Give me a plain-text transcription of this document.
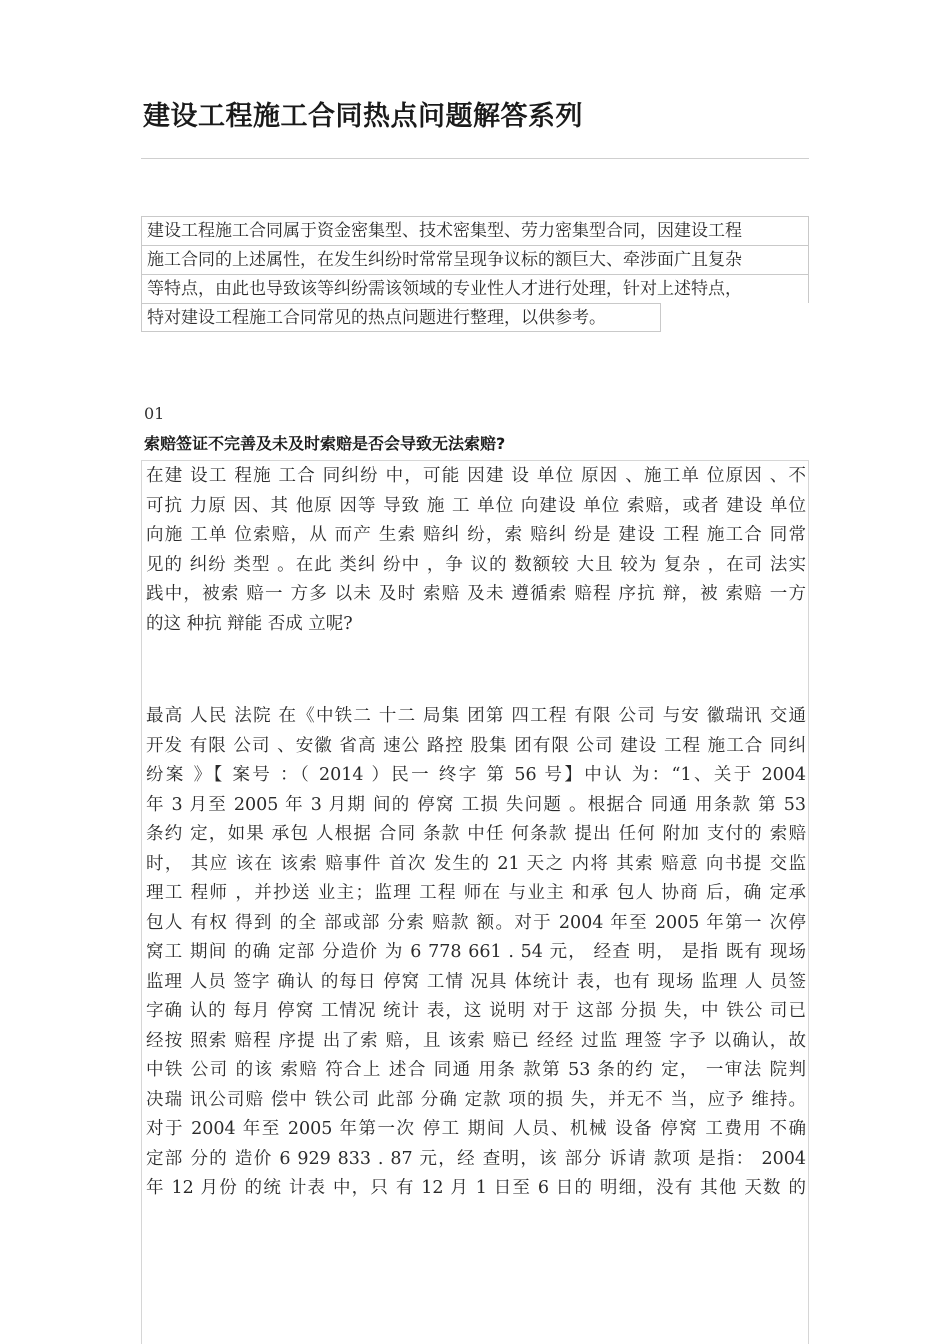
建设工程施工合同热点问题解答系列
建设工程施工合同属于资金密集型、技术密集型、劳力密集型合同，因建设工程
施工合同的上述属性，在发生纠纷时常常呈现争议标的额巨大、牵涉面广且复杂
等特点，由此也导致该等纠纷需该领域的专业性人才进行处理，针对上述特点，
特对建设工程施工合同常见的热点问题进行整理，以供参考。
01
索赔签证不完善及未及时索赔是否会导致无法索赔?
在建 设工 程施 工合 同纠纷 中，可能 因建 设 单位 原因 、施工单 位原因 、不
可抗 力原 因、其 他原 因等 导致 施 工 单位 向建设 单位 索赔，或者 建设 单位
向施 工单 位索赔，从 而产 生索 赔纠 纷，索 赔纠 纷是 建设 工程 施工合 同常
见的 纠纷 类型 。在此 类纠 纷中 ，争 议的 数额较 大且 较为 复杂 ，在司 法实
践中，被索 赔一 方多 以未 及时 索赔 及未 遵循索 赔程 序抗 辩，被 索赔 一方
的这 种抗 辩能 否成 立呢?
最高 人民 法院 在《中铁二 十二 局集 团第 四工程 有限 公司 与安 徽瑞讯 交通
开发 有限 公司 、安徽 省高 速公 路控 股集 团有限 公司 建设 工程 施工合 同纠
纷案 》【 案号 ：（ 2014 ）民一 终字 第 56 号】中认 为：“1、关于 2004
年 3 月至 2005 年 3 月期 间的 停窝 工损 失问题 。根据合 同通 用条款 第 53
条约 定，如果 承包 人根据 合同 条款 中任 何条款 提出 任何 附加 支付的 索赔
时， 其应 该在 该索 赔事件 首次 发生的 21 天之 内将 其索 赔意 向书提 交监
理工 程师 ，并抄送 业主；监理 工程 师在 与业主 和承 包人 协商 后，确 定承
包人 有权 得到 的全 部或部 分索 赔款 额。对于 2004 年至 2005 年第一 次停
窝工 期间 的确 定部 分造价 为 6 778 661 . 54 元， 经查 明， 是指 既有 现场
监理 人员 签字 确认 的每日 停窝 工情 况具 体统计 表，也有 现场 监理 人 员签
字确 认的 每月 停窝 工情况 统计 表，这 说明 对于 这部 分损 失，中 铁公 司已
经按 照索 赔程 序提 出了索 赔，且 该索 赔已 经经 过监 理签 字予 以确认，故
中铁 公司 的该 索赔 符合上 述合 同通 用条 款第 53 条的约 定， 一审法 院判
决瑞 讯公司赔 偿中 铁公司 此部 分确 定款 项的损 失，并无不 当，应予 维持。
对于 2004 年至 2005 年第一次 停工 期间 人员、机械 设备 停窝 工费用 不确
定部 分的 造价 6 929 833 . 87 元，经 查明，该 部分 诉请 款项 是指： 2004
年 12 月份 的统 计表 中，只 有 12 月 1 日至 6 日的 明细，没有 其他 天数 的
